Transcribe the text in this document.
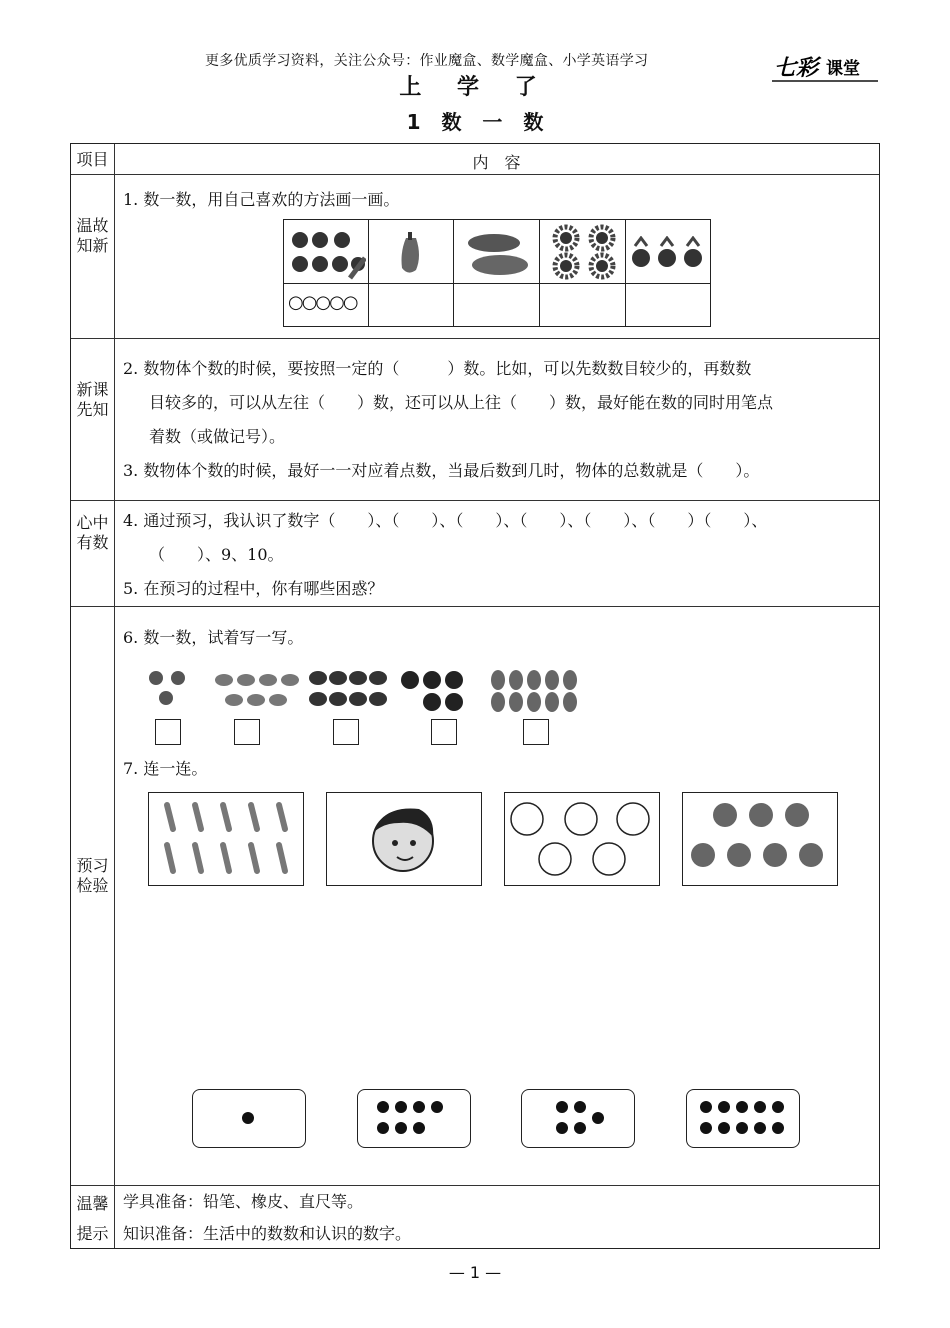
更多优质学习资料，关注公众号：作业魔盒、数学魔盒、小学英语学习	七彩 课堂
上 学 了
1 数 一 数
项目	内　容
温故知新
新课先知
心中有数
预习检验
温馨提示
1. 数一数，用自己喜欢的方法画一画。
○○○○○
2. 数物体个数的时候，要按照一定的（　　　）数。比如，可以先数数目较少的，再数数
目较多的，可以从左往（　　）数，还可以从上往（　　）数，最好能在数的同时用笔点
着数（或做记号）。
3. 数物体个数的时候，最好一一对应着点数，当最后数到几时，物体的总数就是（　　）。
4. 通过预习，我认识了数字（　　）、（　　）、（　　）、（　　）、（　　）、（　　）（　　）、
（　　）、9、10。
5. 在预习的过程中，你有哪些困惑？
6. 数一数，试着写一写。
7. 连一连。
学具准备：铅笔、橡皮、直尺等。
知识准备：生活中的数数和认识的数字。
— 1 —
